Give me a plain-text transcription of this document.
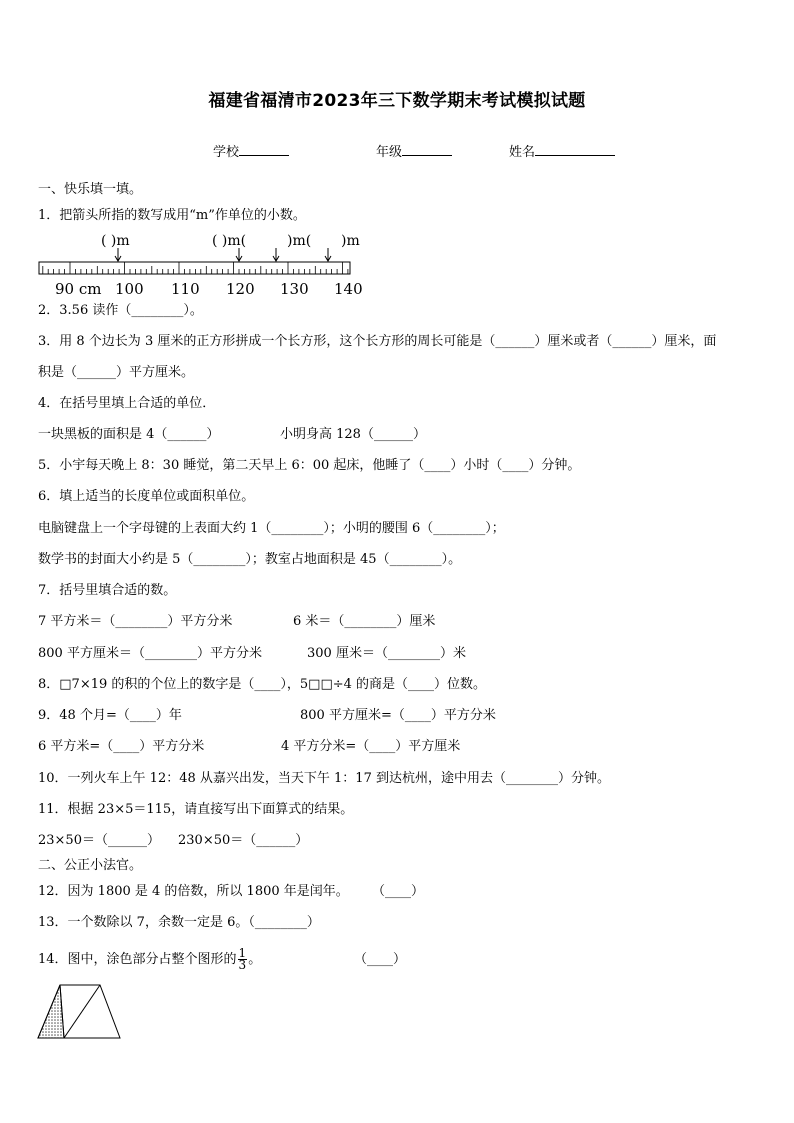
福建省福清市2023年三下数学期末考试模拟试题
学校	年级	姓名
一、快乐填一填。
1．把箭头所指的数写成用“m”作单位的小数。
( )m	( )m(	)m( )m
90 cm 100 110 120 130 140
2．3.56 读作（________）。
3．用 8 个边长为 3 厘米的正方形拼成一个长方形，这个长方形的周长可能是（______）厘米或者（______）厘米，面
积是（______）平方厘米。
4．在括号里填上合适的单位．
一块黑板的面积是 4（______）	小明身高 128（______）
5．小宇每天晚上 8：30 睡觉，第二天早上 6：00 起床，他睡了（____）小时（____）分钟。
6．填上适当的长度单位或面积单位。
电脑键盘上一个字母键的上表面大约 1（________）；小明的腰围 6（________）；
数学书的封面大小约是 5（________）；教室占地面积是 45（________）。
7．括号里填合适的数。
7 平方米＝（________）平方分米	6 米＝（________）厘米
800 平方厘米＝（________）平方分米	300 厘米＝（________）米
8．□7×19 的积的个位上的数字是（____），5□□÷4 的商是（____）位数。
9．48 个月=（____）年	800 平方厘米=（____）平方分米
6 平方米=（____）平方分米	4 平方分米=（____）平方厘米
10．一列火车上午 12：48 从嘉兴出发，当天下午 1：17 到达杭州，途中用去（________）分钟。
11．根据 23×5＝115，请直接写出下面算式的结果。
23×50＝（______） 230×50＝（______）
二、公正小法官。
12．因为 1800 是 4 的倍数，所以 1800 年是闰年。 （____）
13．一个数除以 7，余数一定是 6。（________）
14．图中，涂色部分占整个图形的 $\frac{1}{3}$ 。	（____）
